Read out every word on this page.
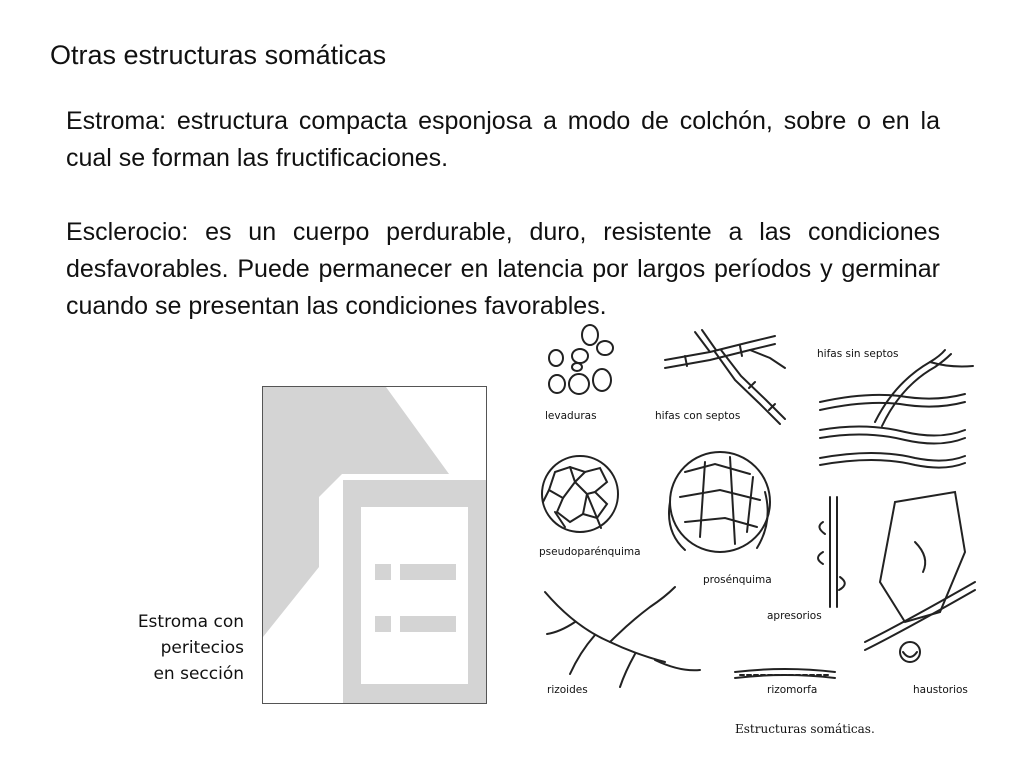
Otras estructuras somáticas
Estroma: estructura compacta esponjosa a modo de colchón, sobre o en la cual se forman las fructificaciones.
Esclerocio: es un cuerpo perdurable, duro, resistente a las condiciones desfavorables. Puede permanecer en latencia por largos períodos y germinar cuando se presentan las condiciones favorables.
Estroma con
peritecios
en sección
levaduras	hifas con septos
hifas sin septos
pseudoparénquima
prosénquima
apresorios
rizoides	rizomorfa	haustorios
Estructuras somáticas.
